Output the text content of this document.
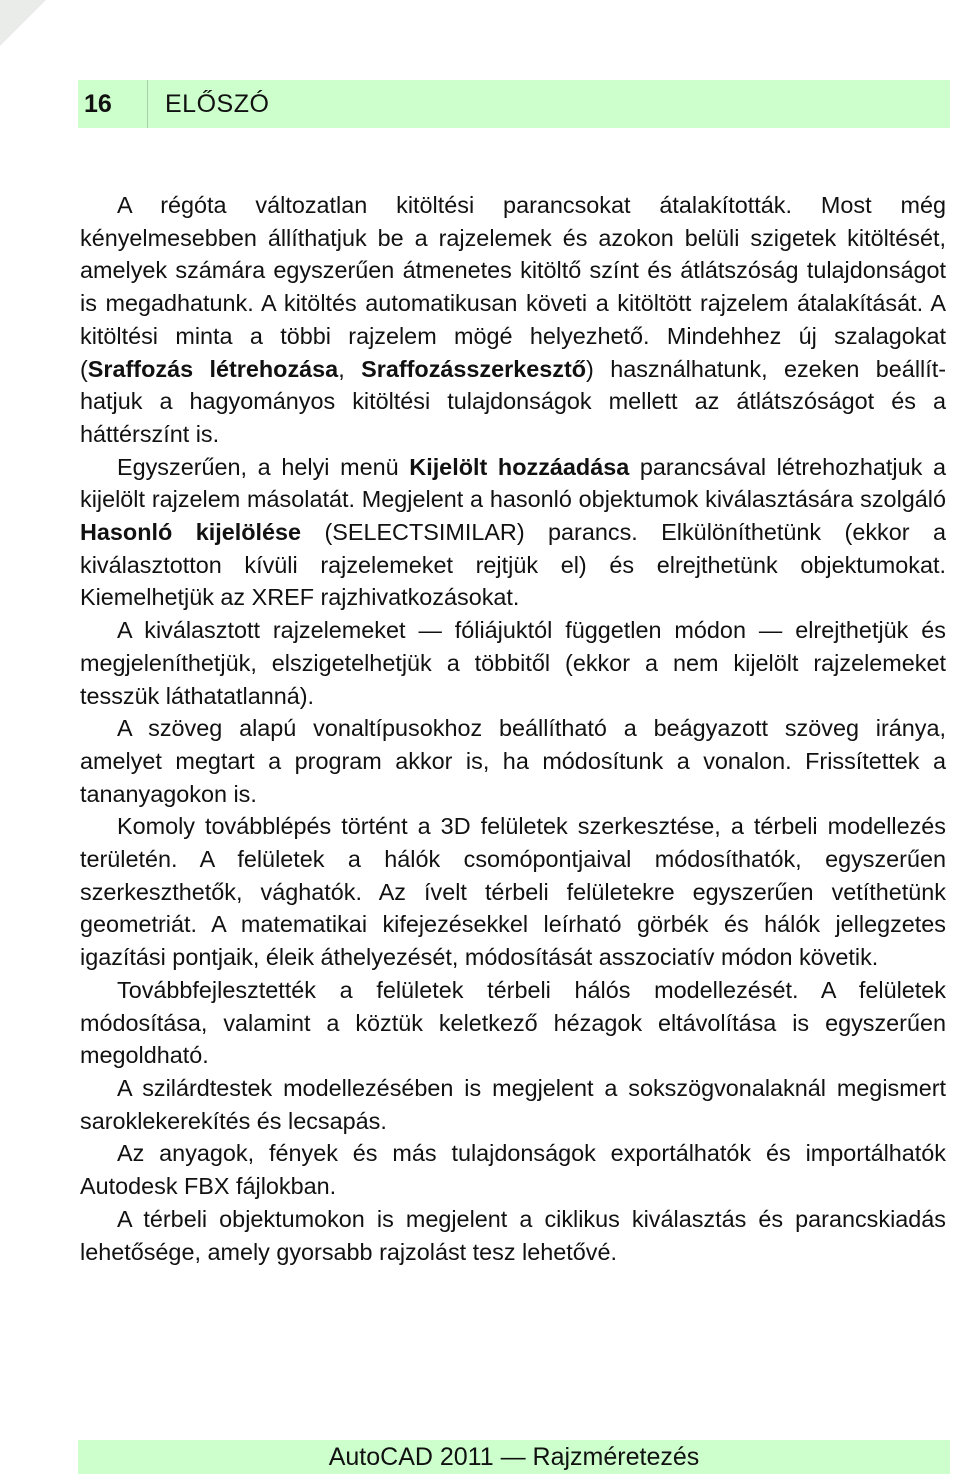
16	ELŐSZÓ

A régóta változatlan kitöltési parancsokat átalakították. Most még kényelmesebben állíthatjuk be a rajzelemek és azokon belüli szigetek kitöltését, amelyek számára egyszerűen átmenetes kitöltő színt és átlátszóság tulajdonságot is megadhatunk. A kitöltés automatikusan követi a kitöltött rajzelem átalakítását. A kitöltési minta a többi rajzelem mögé helyezhető. Mindehhez új szalagokat (Sraffozás létrehozása, Sraffozásszerkesztő) használhatunk, ezeken beállíthatjuk a hagyományos kitöltési tulajdonságok mellett az átlátszóságot és a háttérszínt is.

Egyszerűen, a helyi menü Kijelölt hozzáadása parancsával létrehozhatjuk a kijelölt rajzelem másolatát. Megjelent a hasonló objektumok kiválasztására szolgáló Hasonló kijelölése (SELECTSIMILAR) parancs. Elkülöníthetünk (ekkor a kiválasztotton kívüli rajzelemeket rejtjük el) és elrejthetünk objektumokat. Kiemelhetjük az XREF rajzhivatkozásokat.

A kiválasztott rajzelemeket — fóliájuktól független módon — elrejthetjük és megjeleníthetjük, elszigetelhetjük a többitől (ekkor a nem kijelölt rajzelemeket tesszük láthatatlanná).

A szöveg alapú vonaltípusokhoz beállítható a beágyazott szöveg iránya, amelyet megtart a program akkor is, ha módosítunk a vonalon. Frissítettek a tananyagokon is.

Komoly továbblépés történt a 3D felületek szerkesztése, a térbeli modellezés területén. A felületek a hálók csomópontjaival módosíthatók, egyszerűen szerkeszthetők, vághatók. Az ívelt térbeli felületekre egyszerűen vetíthetünk geometriát. A matematikai kifejezésekkel leírható görbék és hálók jellegzetes igazítási pontjaik, éleik áthelyezését, módosítását asszociatív módon követik.

Továbbfejlesztették a felületek térbeli hálós modellezését. A felületek módosítása, valamint a köztük keletkező hézagok eltávolítása is egyszerűen megoldható.

A szilárdtestek modellezésében is megjelent a sokszögvonalaknál megismert saroklekerekítés és lecsapás.

Az anyagok, fények és más tulajdonságok exportálhatók és importálhatók Autodesk FBX fájlokban.

A térbeli objektumokon is megjelent a ciklikus kiválasztás és parancskiadás lehetősége, amely gyorsabb rajzolást tesz lehetővé.

AutoCAD 2011 — Rajzméretezés
